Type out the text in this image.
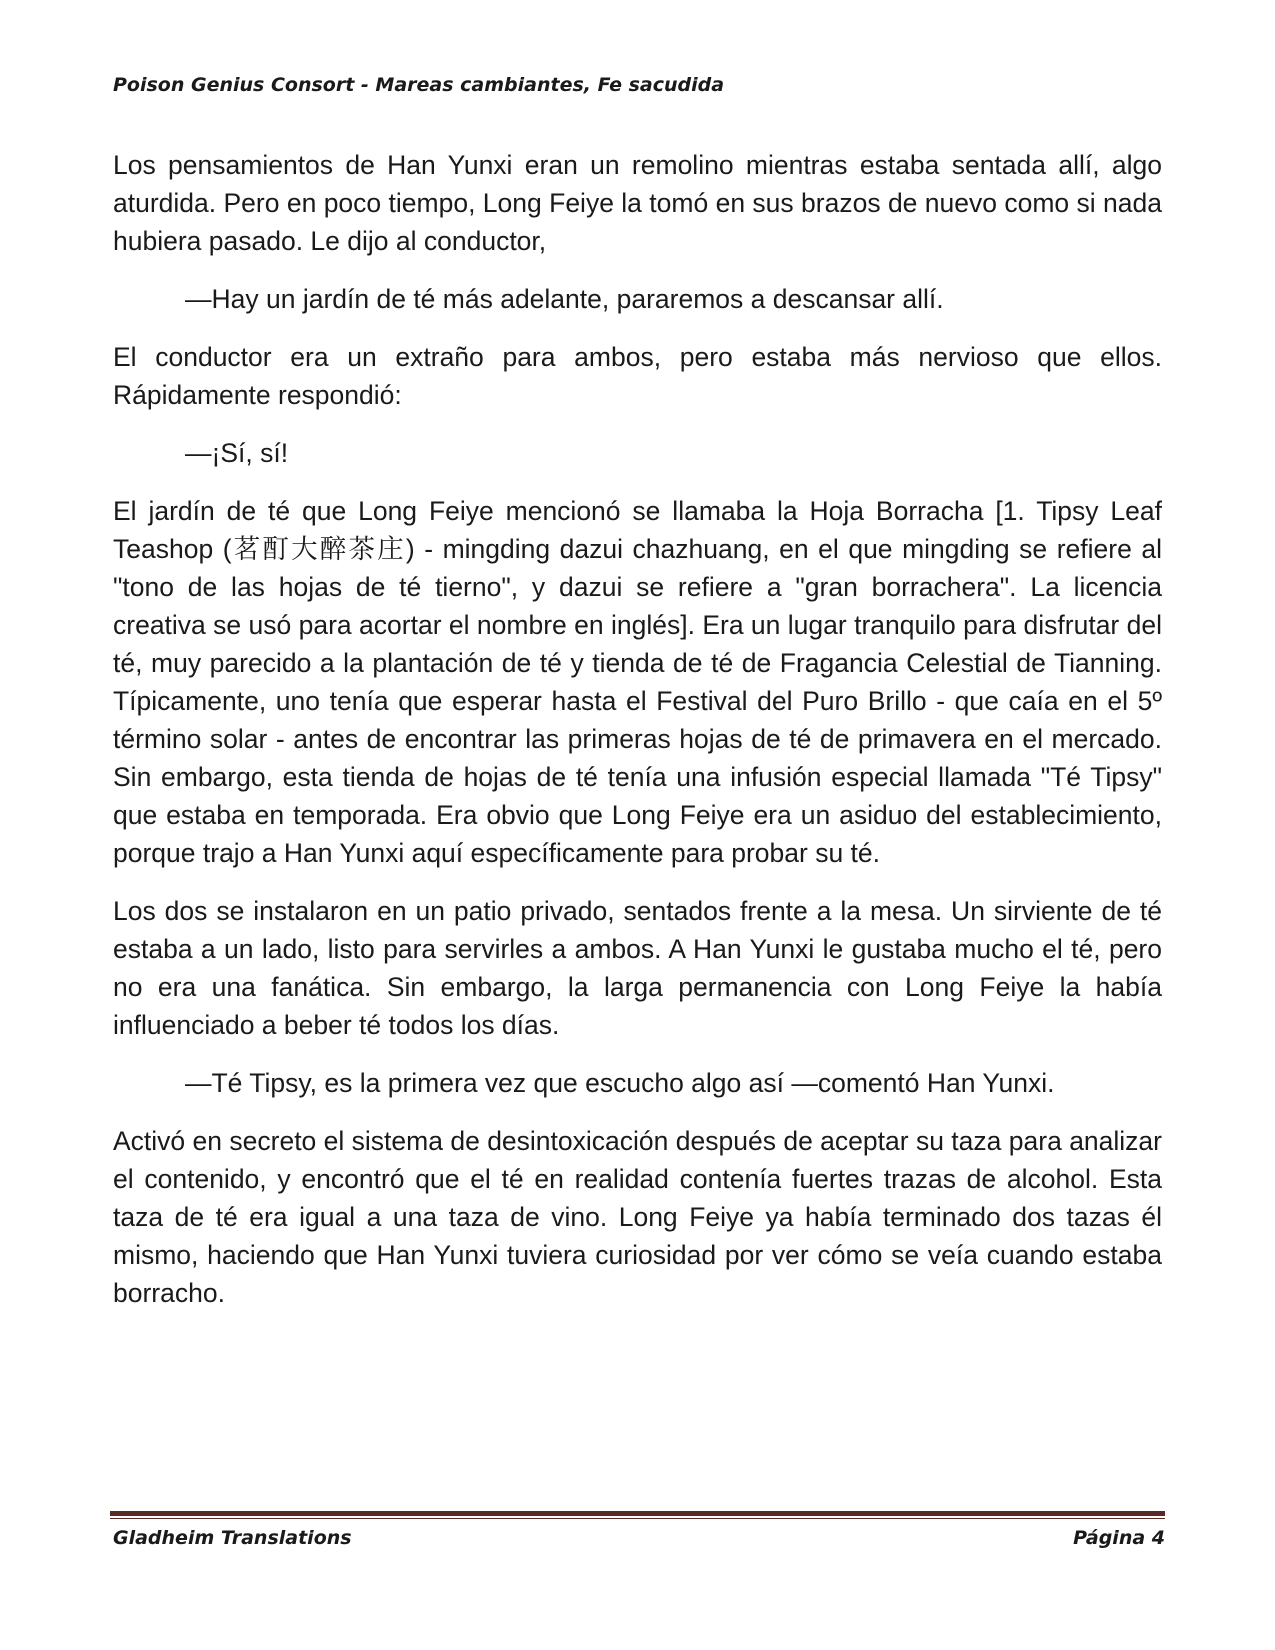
Poison Genius Consort - Mareas cambiantes, Fe sacudida

Los pensamientos de Han Yunxi eran un remolino mientras estaba sentada allí, algo aturdida. Pero en poco tiempo, Long Feiye la tomó en sus brazos de nuevo como si nada hubiera pasado. Le dijo al conductor,

—Hay un jardín de té más adelante, pararemos a descansar allí.

El conductor era un extraño para ambos, pero estaba más nervioso que ellos. Rápidamente respondió:

—¡Sí, sí!

El jardín de té que Long Feiye mencionó se llamaba la Hoja Borracha [1. Tipsy Leaf Teashop (茗酊大醉茶庄) - mingding dazui chazhuang, en el que mingding se refiere al "tono de las hojas de té tierno", y dazui se refiere a "gran borrachera". La licencia creativa se usó para acortar el nombre en inglés]. Era un lugar tranquilo para disfrutar del té, muy parecido a la plantación de té y tienda de té de Fragancia Celestial de Tianning. Típicamente, uno tenía que esperar hasta el Festival del Puro Brillo - que caía en el 5º término solar - antes de encontrar las primeras hojas de té de primavera en el mercado. Sin embargo, esta tienda de hojas de té tenía una infusión especial llamada "Té Tipsy" que estaba en temporada. Era obvio que Long Feiye era un asiduo del establecimiento, porque trajo a Han Yunxi aquí específicamente para probar su té.

Los dos se instalaron en un patio privado, sentados frente a la mesa. Un sirviente de té estaba a un lado, listo para servirles a ambos. A Han Yunxi le gustaba mucho el té, pero no era una fanática. Sin embargo, la larga permanencia con Long Feiye la había influenciado a beber té todos los días.

—Té Tipsy, es la primera vez que escucho algo así —comentó Han Yunxi.

Activó en secreto el sistema de desintoxicación después de aceptar su taza para analizar el contenido, y encontró que el té en realidad contenía fuertes trazas de alcohol. Esta taza de té era igual a una taza de vino. Long Feiye ya había terminado dos tazas él mismo, haciendo que Han Yunxi tuviera curiosidad por ver cómo se veía cuando estaba borracho.

Gladheim Translations	Página 4
